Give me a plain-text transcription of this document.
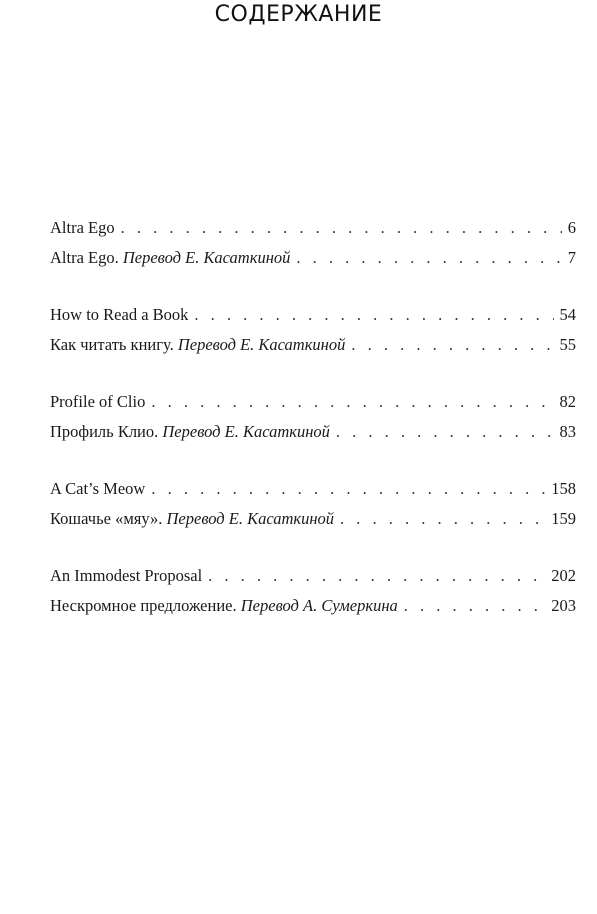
СОДЕРЖАНИЕ
Altra Ego . . .	6
Altra Ego. Перевод Е. Касаткиной . . .	7
How to Read a Book . . .	54
Как читать книгу. Перевод Е. Касаткиной . . .	55
Profile of Clio . . .	82
Профиль Клио. Перевод Е. Касаткиной . . .	83
A Cat’s Meow . . .	158
Кошачье «мяу». Перевод Е. Касаткиной . . .	159
An Immodest Proposal . . .	202
Нескромное предложение. Перевод А. Сумеркина . . .	203
